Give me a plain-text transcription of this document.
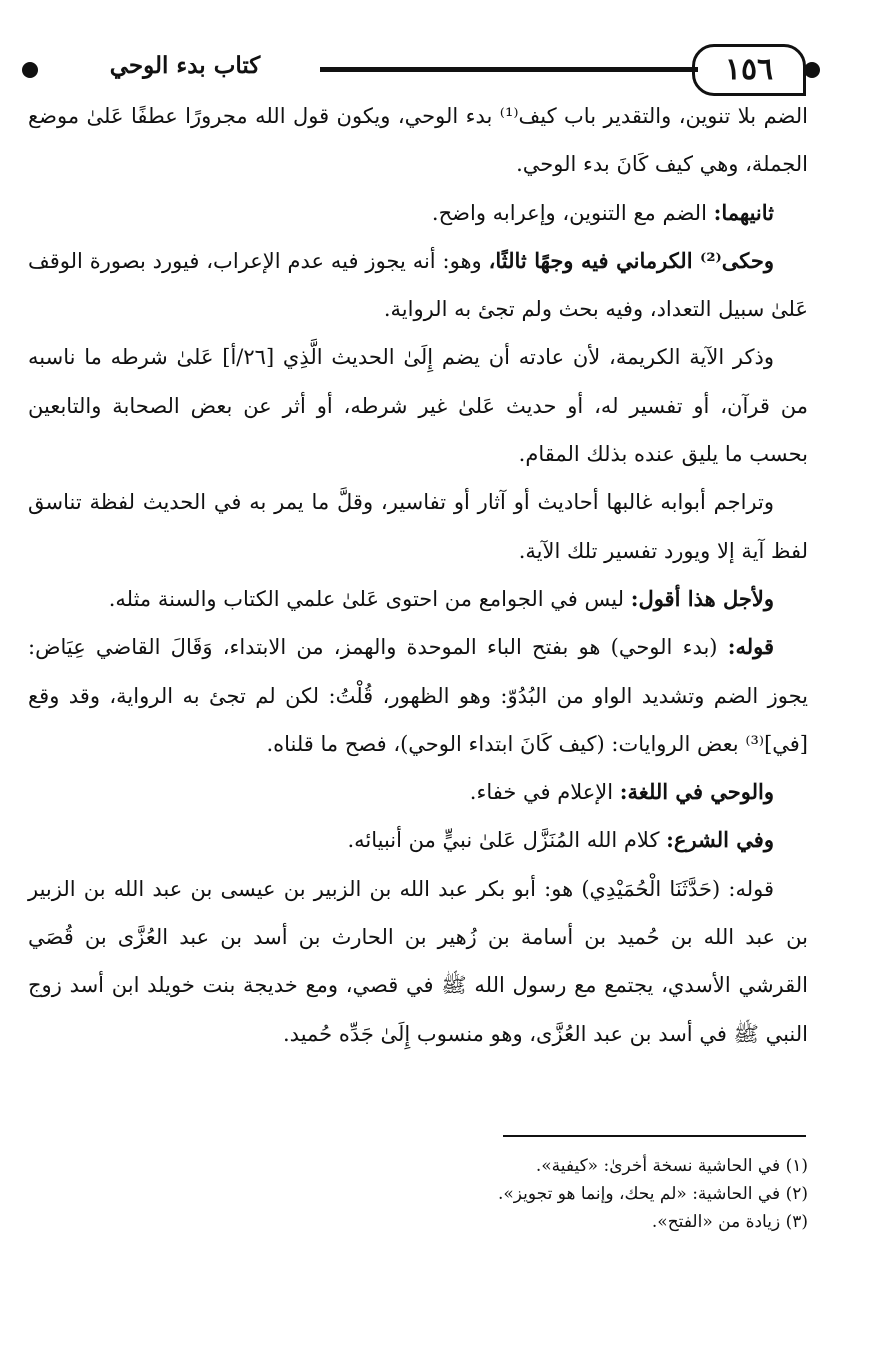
١٥٦
كتاب بدء الوحي

الضم بلا تنوين، والتقدير باب كيف⁽¹⁾ بدء الوحي، ويكون قول الله مجرورًا عطفًا عَلىٰ موضع الجملة، وهي كيف كَانَ بدء الوحي.

ثانيهما: الضم مع التنوين، وإعرابه واضح.

وحكى⁽²⁾ الكرماني فيه وجهًا ثالثًا، وهو: أنه يجوز فيه عدم الإعراب، فيورد بصورة الوقف عَلىٰ سبيل التعداد، وفيه بحث ولم تجئ به الرواية.

وذكر الآية الكريمة، لأن عادته أن يضم إِلَىٰ الحديث الَّذِي [٢٦/أ] عَلىٰ شرطه ما ناسبه من قرآن، أو تفسير له، أو حديث عَلىٰ غير شرطه، أو أثر عن بعض الصحابة والتابعين بحسب ما يليق عنده بذلك المقام.

وتراجم أبوابه غالبها أحاديث أو آثار أو تفاسير، وقلَّ ما يمر به في الحديث لفظة تناسق لفظ آية إلا ويورد تفسير تلك الآية.

ولأجل هذا أقول: ليس في الجوامع من احتوى عَلىٰ علمي الكتاب والسنة مثله.

قوله: (بدء الوحي) هو بفتح الباء الموحدة والهمز، من الابتداء، وَقَالَ القاضي عِيَاض: يجوز الضم وتشديد الواو من البُدُوّ: وهو الظهور، قُلْتُ: لكن لم تجئ به الرواية، وقد وقع [في]⁽³⁾ بعض الروايات: (كيف كَانَ ابتداء الوحي)، فصح ما قلناه.

والوحي في اللغة: الإعلام في خفاء.

وفي الشرع: كلام الله المُنَزَّل عَلىٰ نبيٍّ من أنبيائه.

قوله: (حَدَّثَنَا الْحُمَيْدِي) هو: أبو بكر عبد الله بن الزبير بن عيسى بن عبد الله بن الزبير بن عبد الله بن حُميد بن أسامة بن زُهير بن الحارث بن أسد بن عبد العُزَّى بن قُصَي القرشي الأسدي، يجتمع مع رسول الله ﷺ في قصي، ومع خديجة بنت خويلد ابن أسد زوج النبي ﷺ في أسد بن عبد العُزَّى، وهو منسوب إِلَىٰ جَدِّه حُميد.

(١) في الحاشية نسخة أخرىٰ: «كيفية».

(٢) في الحاشية: «لم يحك، وإنما هو تجويز».

(٣) زيادة من «الفتح».
